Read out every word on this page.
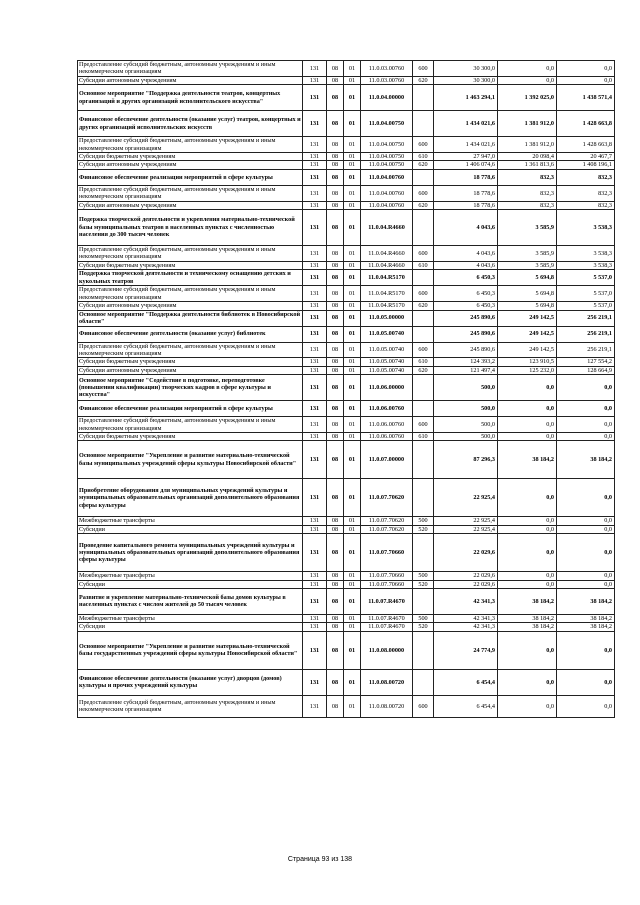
Предоставление субсидий бюджетным, автономным учреждениям и иным некоммерческим организациям	131	08	01	11.0.03.00760	600	30 300,0	0,0	0,0
Субсидии автономным учреждениям	131	08	01	11.0.03.00760	620	30 300,0	0,0	0,0
Основное мероприятие "Поддержка деятельности театров, концертных организаций и других организаций исполнительского искусства"	131	08	01	11.0.04.00000		1 463 294,1	1 392 025,0	1 438 571,4
Финансовое обеспечение деятельности (оказание услуг) театров, концертных и других организаций исполнительских искусств	131	08	01	11.0.04.00750		1 434 021,6	1 381 912,0	1 428 663,8
Предоставление субсидий бюджетным, автономным учреждениям и иным некоммерческим организациям	131	08	01	11.0.04.00750	600	1 434 021,6	1 381 912,0	1 428 663,8
Субсидии бюджетным учреждениям	131	08	01	11.0.04.00750	610	27 947,0	20 098,4	20 467,7
Субсидии автономным учреждениям	131	08	01	11.0.04.00750	620	1 406 074,6	1 361 813,6	1 408 196,1
Финансовое обеспечение реализации мероприятий в сфере культуры	131	08	01	11.0.04.00760		18 778,6	832,3	832,3
Предоставление субсидий бюджетным, автономным учреждениям и иным некоммерческим организациям	131	08	01	11.0.04.00760	600	18 778,6	832,3	832,3
Субсидии автономным учреждениям	131	08	01	11.0.04.00760	620	18 778,6	832,3	832,3
Подержка творческой деятельности и укрепления материально-технической базы муниципальных театров в населенных пунктах с численностью населения до 300 тысяч человек	131	08	01	11.0.04.R4660		4 043,6	3 585,9	3 538,3
Предоставление субсидий бюджетным, автономным учреждениям и иным некоммерческим организациям	131	08	01	11.0.04.R4660	600	4 043,6	3 585,9	3 538,3
Субсидии бюджетным учреждениям	131	08	01	11.0.04.R4660	610	4 043,6	3 585,9	3 538,3
Поддержка творческой деятельности и техническому оснащению детских и кукольных театров	131	08	01	11.0.04.R5170		6 450,3	5 694,8	5 537,0
Предоставление субсидий бюджетным, автономным учреждениям и иным некоммерческим организациям	131	08	01	11.0.04.R5170	600	6 450,3	5 694,8	5 537,0
Субсидии автономным учреждениям	131	08	01	11.0.04.R5170	620	6 450,3	5 694,8	5 537,0
Основное мероприятие "Поддержка деятельности библиотек в Новосибирской области"	131	08	01	11.0.05.00000		245 890,6	249 142,5	256 219,1
Финансовое обеспечение деятельности (оказание услуг) библиотек	131	08	01	11.0.05.00740		245 890,6	249 142,5	256 219,1
Предоставление субсидий бюджетным, автономным учреждениям и иным некоммерческим организациям	131	08	01	11.0.05.00740	600	245 890,6	249 142,5	256 219,1
Субсидии бюджетным учреждениям	131	08	01	11.0.05.00740	610	124 393,2	123 910,5	127 554,2
Субсидии автономным учреждениям	131	08	01	11.0.05.00740	620	121 497,4	125 232,0	128 664,9
Основное мероприятие "Содействие в подготовке, переподготовке (повышении квалификации) творческих кадров в сфере культуры и искусства"	131	08	01	11.0.06.00000		500,0	0,0	0,0
Финансовое обеспечение реализации мероприятий в сфере культуры	131	08	01	11.0.06.00760		500,0	0,0	0,0
Предоставление субсидий бюджетным, автономным учреждениям и иным некоммерческим организациям	131	08	01	11.0.06.00760	600	500,0	0,0	0,0
Субсидии бюджетным учреждениям	131	08	01	11.0.06.00760	610	500,0	0,0	0,0
Основное мероприятие "Укрепление и развитие материально-технической базы муниципальных учреждений сферы культуры Новосибирской области"	131	08	01	11.0.07.00000		87 296,3	38 184,2	38 184,2
Приобретение оборудования для муниципальных учреждений культуры и муниципальных образовательных организаций дополнительного образования сферы культуры	131	08	01	11.0.07.70620		22 925,4	0,0	0,0
Межбюджетные трансферты	131	08	01	11.0.07.70620	500	22 925,4	0,0	0,0
Субсидии	131	08	01	11.0.07.70620	520	22 925,4	0,0	0,0
Проведение капитального ремонта муниципальных учреждений культуры и муниципальных образовательных организаций дополнительного образования сферы культуры	131	08	01	11.0.07.70660		22 029,6	0,0	0,0
Межбюджетные трансферты	131	08	01	11.0.07.70660	500	22 029,6	0,0	0,0
Субсидии	131	08	01	11.0.07.70660	520	22 029,6	0,0	0,0
Развитие и укрепление материально-технической базы домов культуры в населенных пунктах с числом жителей до 50 тысяч человек	131	08	01	11.0.07.R4670		42 341,3	38 184,2	38 184,2
Межбюджетные трансферты	131	08	01	11.0.07.R4670	500	42 341,3	38 184,2	38 184,2
Субсидии	131	08	01	11.0.07.R4670	520	42 341,3	38 184,2	38 184,2
Основное мероприятие "Укрепление и развитие материально-технической базы государственных учреждений сферы культуры Новосибирской области"	131	08	01	11.0.08.00000		24 774,9	0,0	0,0
Финансовое обеспечение деятельности (оказание услуг) дворцов (домов) культуры и прочих учреждений культуры	131	08	01	11.0.08.00720		6 454,4	0,0	0,0
Предоставление субсидий бюджетным, автономным учреждениям и иным некоммерческим организациям	131	08	01	11.0.08.00720	600	6 454,4	0,0	0,0
Страница 93 из 138
